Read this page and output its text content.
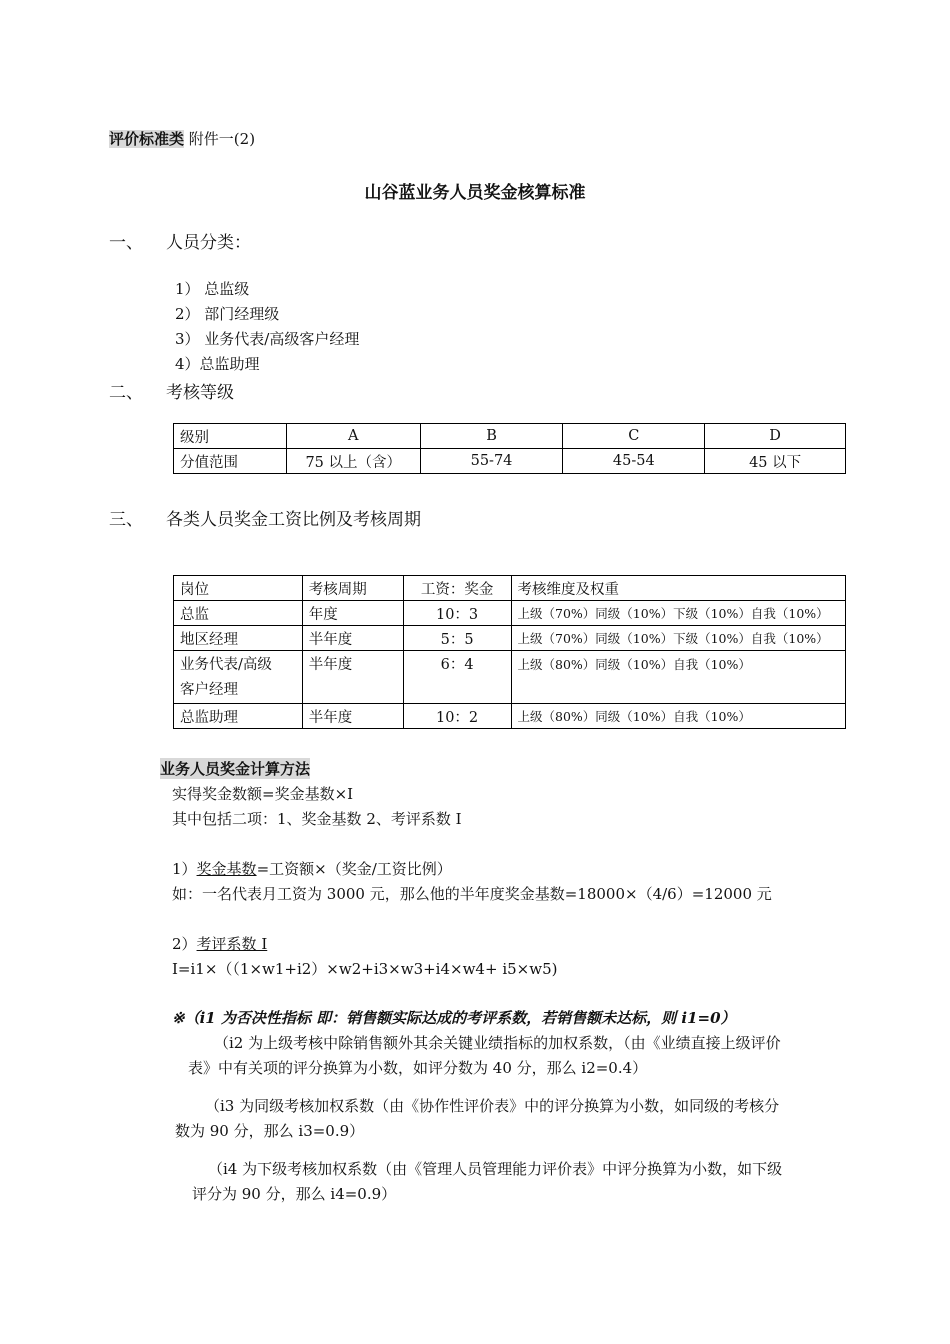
评价标准类 附件一(2)
山谷蓝业务人员奖金核算标准
一、 人员分类：
1） 总监级
2） 部门经理级
3） 业务代表/高级客户经理
4）总监助理
二、 考核等级
级别	A	B	C	D
分值范围	75 以上（含）	55-74	45-54	45 以下
三、 各类人员奖金工资比例及考核周期
岗位	考核周期	工资：奖金	考核维度及权重
总监	年度	10：3	上级（70%）同级（10%）下级（10%）自我（10%）
地区经理	半年度	5：5	上级（70%）同级（10%）下级（10%）自我（10%）
业务代表/高级
客户经理	半年度	6：4	上级（80%）同级（10%）自我（10%）
总监助理	半年度	10：2	上级（80%）同级（10%）自我（10%）
业务人员奖金计算方法
实得奖金数额=奖金基数×I
其中包括二项：1、奖金基数 2、考评系数 I
1）奖金基数=工资额×（奖金/工资比例）
如：一名代表月工资为 3000 元，那么他的半年度奖金基数=18000×（4/6）=12000 元
2）考评系数 I
I=i1×（（1×w1+i2）×w2+i3×w3+i4×w4+ i5×w5)
※（i1 为否决性指标 即：销售额实际达成的考评系数，若销售额未达标，则 i1=0）
（i2 为上级考核中除销售额外其余关键业绩指标的加权系数，（由《业绩直接上级评价
表》中有关项的评分换算为小数，如评分数为 40 分，那么 i2=0.4）
（i3 为同级考核加权系数（由《协作性评价表》中的评分换算为小数，如同级的考核分
数为 90 分，那么 i3=0.9）
（i4 为下级考核加权系数（由《管理人员管理能力评价表》中评分换算为小数，如下级
评分为 90 分，那么 i4=0.9）
